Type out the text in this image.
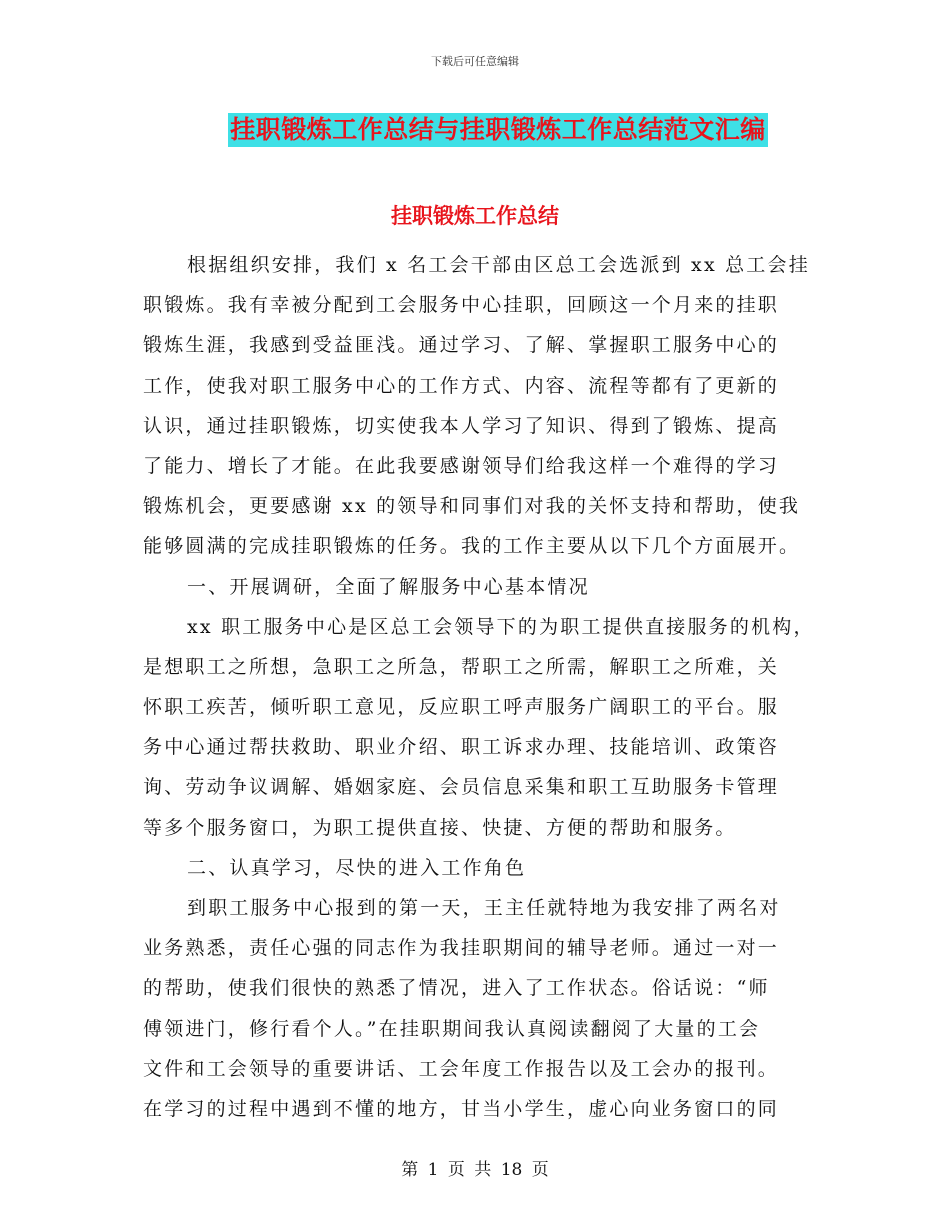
下载后可任意编辑
挂职锻炼工作总结与挂职锻炼工作总结范文汇编
挂职锻炼工作总结
根据组织安排，我们 x 名工会干部由区总工会选派到 xx 总工会挂
职锻炼。我有幸被分配到工会服务中心挂职，回顾这一个月来的挂职
锻炼生涯，我感到受益匪浅。通过学习、了解、掌握职工服务中心的
工作，使我对职工服务中心的工作方式、内容、流程等都有了更新的
认识，通过挂职锻炼，切实使我本人学习了知识、得到了锻炼、提高
了能力、增长了才能。在此我要感谢领导们给我这样一个难得的学习
锻炼机会，更要感谢 xx 的领导和同事们对我的关怀支持和帮助，使我
能够圆满的完成挂职锻炼的任务。我的工作主要从以下几个方面展开。
一、开展调研，全面了解服务中心基本情况
xx 职工服务中心是区总工会领导下的为职工提供直接服务的机构，
是想职工之所想，急职工之所急，帮职工之所需，解职工之所难，关
怀职工疾苦，倾听职工意见，反应职工呼声服务广阔职工的平台。服
务中心通过帮扶救助、职业介绍、职工诉求办理、技能培训、政策咨
询、劳动争议调解、婚姻家庭、会员信息采集和职工互助服务卡管理
等多个服务窗口，为职工提供直接、快捷、方便的帮助和服务。
二、认真学习，尽快的进入工作角色
到职工服务中心报到的第一天，王主任就特地为我安排了两名对
业务熟悉，责任心强的同志作为我挂职期间的辅导老师。通过一对一
的帮助，使我们很快的熟悉了情况，进入了工作状态。俗话说：“师
傅领进门，修行看个人。”在挂职期间我认真阅读翻阅了大量的工会
文件和工会领导的重要讲话、工会年度工作报告以及工会办的报刊。
在学习的过程中遇到不懂的地方，甘当小学生，虚心向业务窗口的同
第 1 页 共 18 页
